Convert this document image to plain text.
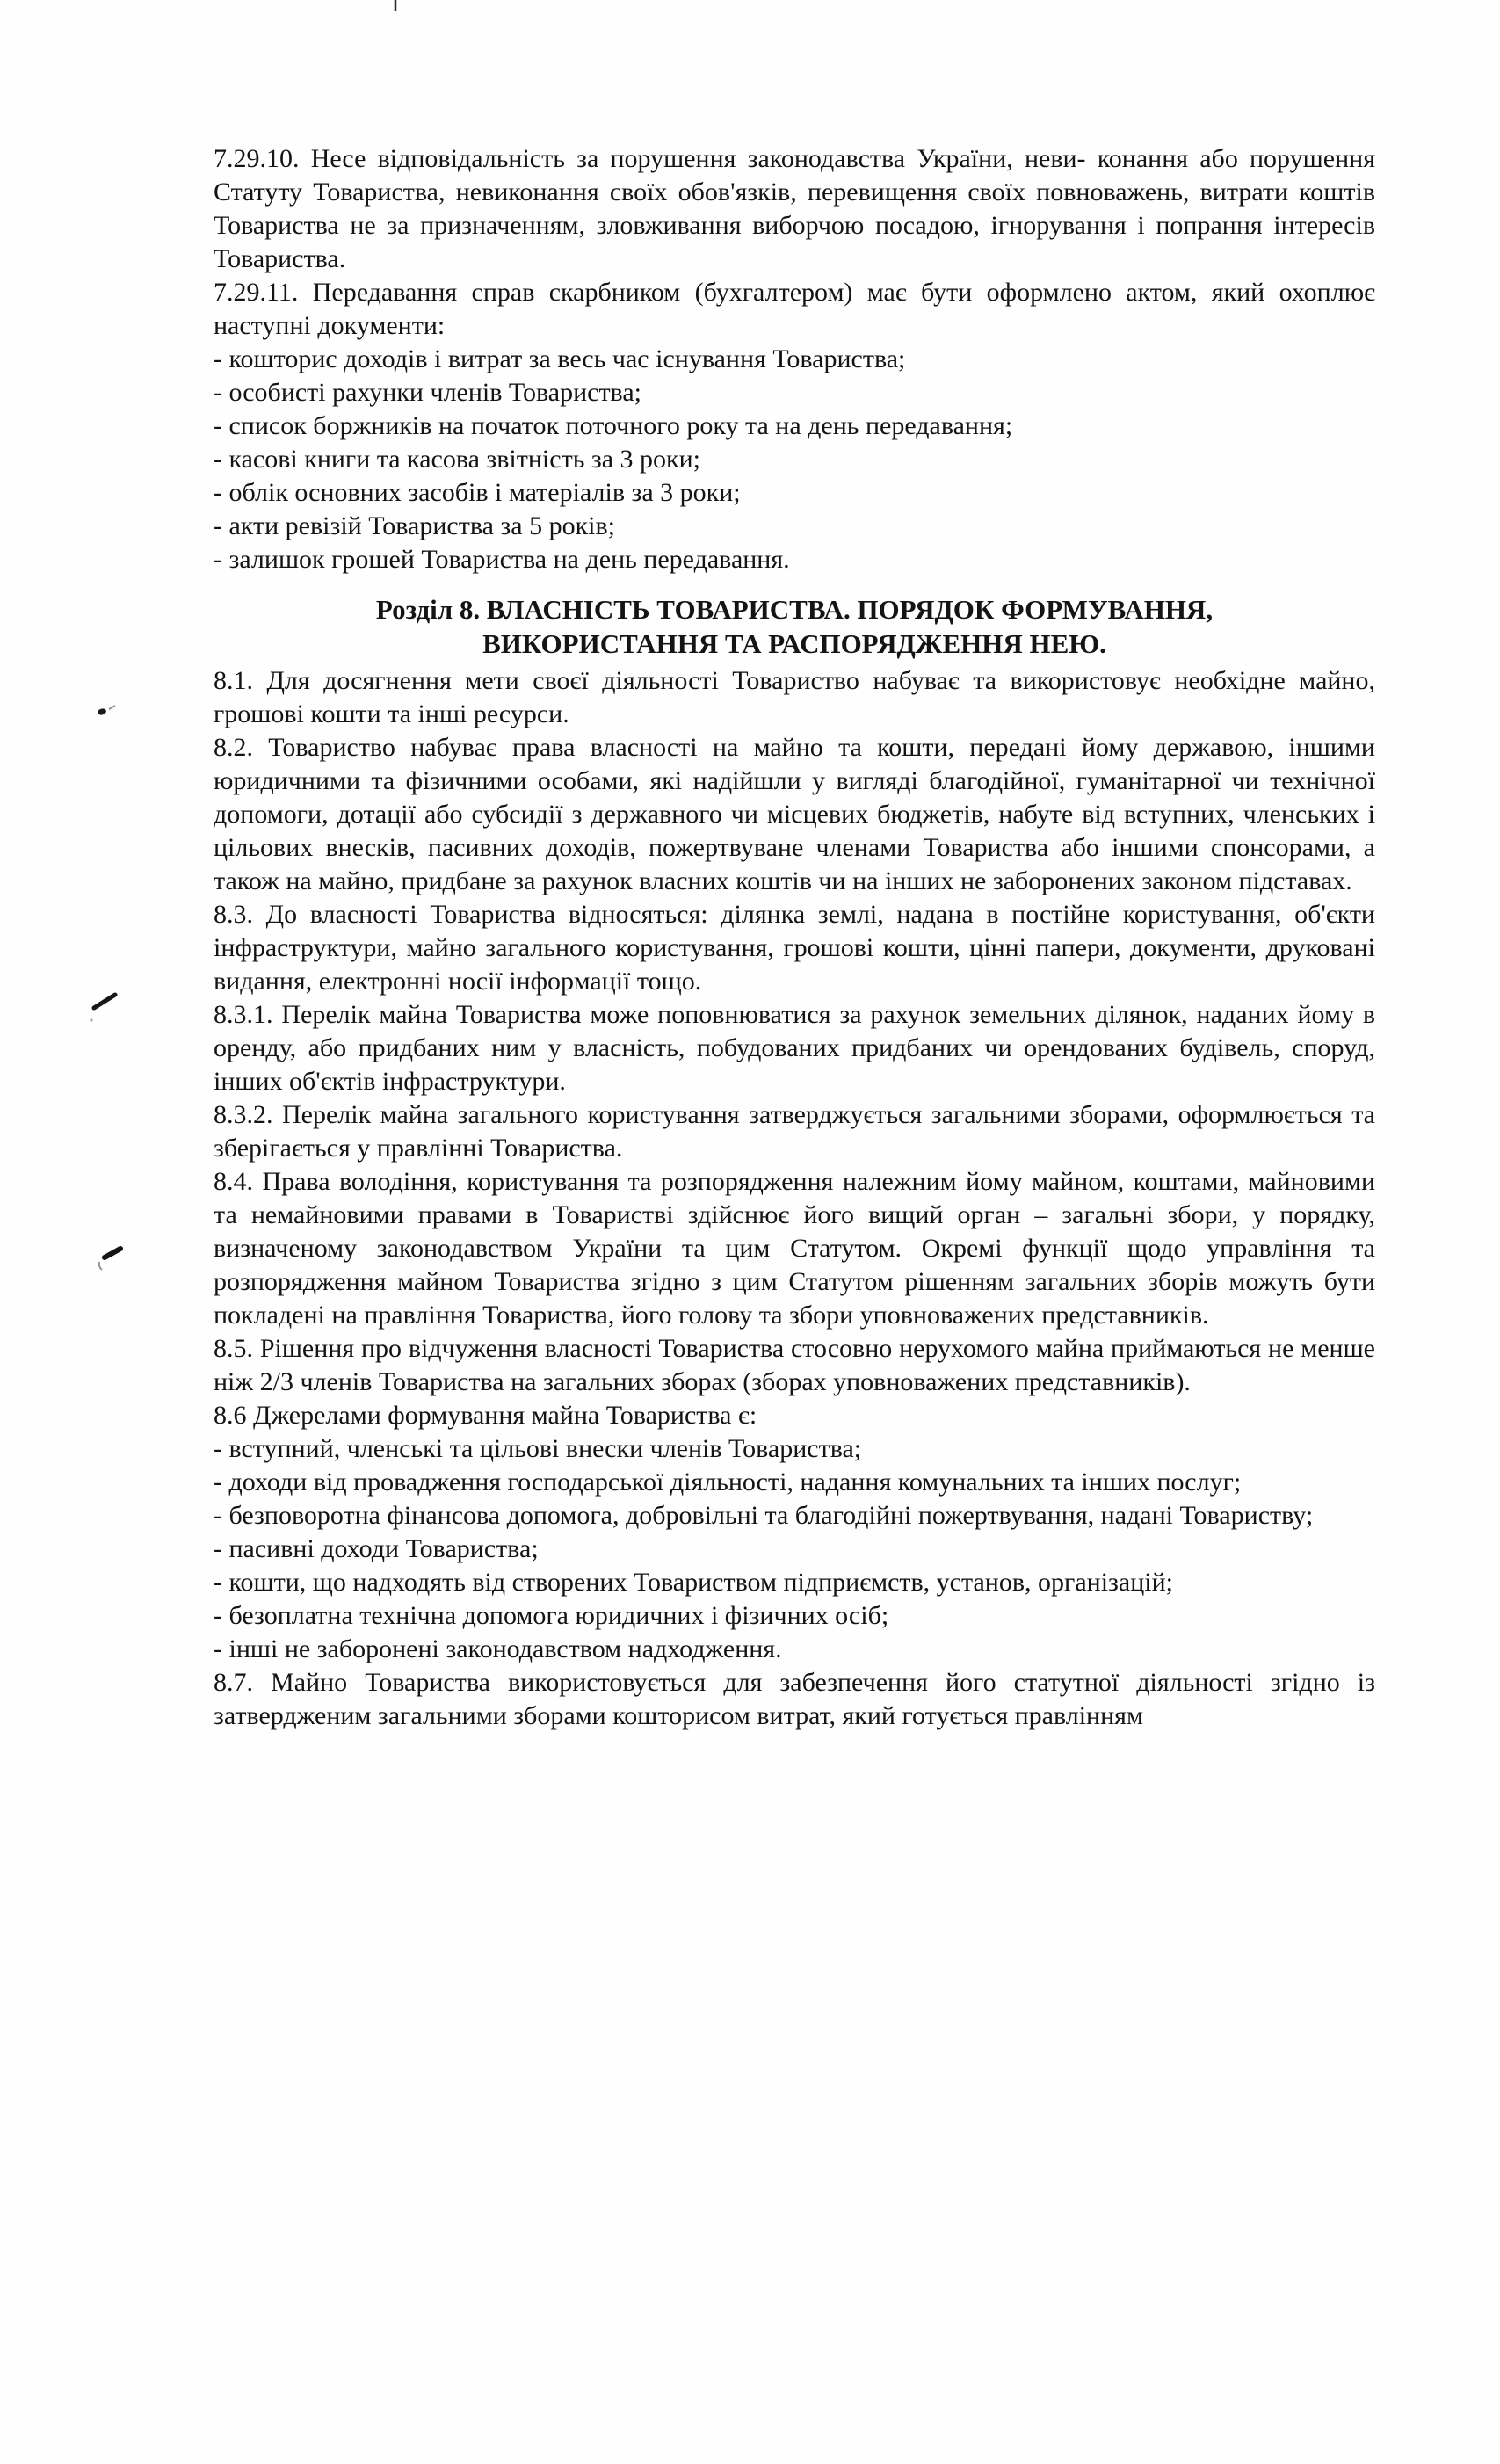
7.29.10. Несе відповідальність за порушення законодавства України, неви- конання або порушення Статуту Товариства, невиконання своїх обов'язків, перевищення своїх повноважень, витрати коштів Товариства не за призначенням, зловживання виборчою посадою, ігнорування і попрання інтересів Товариства.

7.29.11. Передавання справ скарбником (бухгалтером) має бути оформлено актом, який охоплює наступні документи:

- кошторис доходів і витрат за весь час існування Товариства;

- особисті рахунки членів Товариства;

- список боржників на початок поточного року та на день передавання;

- касові книги та касова звітність за 3 роки;

- облік основних засобів і матеріалів за 3 роки;

- акти ревізій Товариства за 5 років;

- залишок грошей Товариства на день передавання.

Розділ 8. ВЛАСНІСТЬ ТОВАРИСТВА. ПОРЯДОК ФОРМУВАННЯ,
ВИКОРИСТАННЯ ТА РАСПОРЯДЖЕННЯ НЕЮ.

8.1. Для досягнення мети своєї діяльності Товариство набуває та використовує необхідне майно, грошові кошти та інші ресурси.

8.2. Товариство набуває права власності на майно та кошти, передані йому державою, іншими юридичними та фізичними особами, які надійшли у вигляді благодійної, гуманітарної чи технічної допомоги, дотації або субсидії з державного чи місцевих бюджетів, набуте від вступних, членських і цільових внесків, пасивних доходів, пожертвуване членами Товариства або іншими спонсорами, а також на майно, придбане за рахунок власних коштів чи на інших не заборонених законом підставах.

8.3. До власності Товариства відносяться: ділянка землі, надана в постійне користування, об'єкти інфраструктури, майно загального користування, грошові кошти, цінні папери, документи, друковані видання, електронні носії інформації тощо.

8.3.1. Перелік майна Товариства може поповнюватися за рахунок земельних ділянок, наданих йому в оренду, або придбаних ним у власність, побудованих придбаних чи орендованих будівель, споруд, інших об'єктів інфраструктури.

8.3.2. Перелік майна загального користування затверджується загальними зборами, оформлюється та зберігається у правлінні Товариства.

8.4. Права володіння, користування та розпорядження належним йому майном, коштами, майновими та немайновими правами в Товаристві здійснює його вищий орган – загальні збори, у порядку, визначеному законодавством України та цим Статутом. Окремі функції щодо управління та розпорядження майном Товариства згідно з цим Статутом рішенням загальних зборів можуть бути покладені на правління Товариства, його голову та збори уповноважених представників.

8.5. Рішення про відчуження власності Товариства стосовно нерухомого майна приймаються не менше ніж 2/3 членів Товариства на загальних зборах (зборах уповноважених представників).

8.6 Джерелами формування майна Товариства є:

- вступний, членські та цільові внески членів Товариства;

- доходи від провадження господарської діяльності, надання комунальних та інших послуг;

- безповоротна фінансова допомога, добровільні та благодійні пожертвування, надані Товариству;

- пасивні доходи Товариства;

- кошти, що надходять від створених Товариством підприємств, установ, організацій;

- безоплатна технічна допомога юридичних і фізичних осіб;

- інші не заборонені законодавством надходження.

8.7. Майно Товариства використовується для забезпечення його статутної діяльності згідно із затвердженим загальними зборами кошторисом витрат, який готується правлінням
